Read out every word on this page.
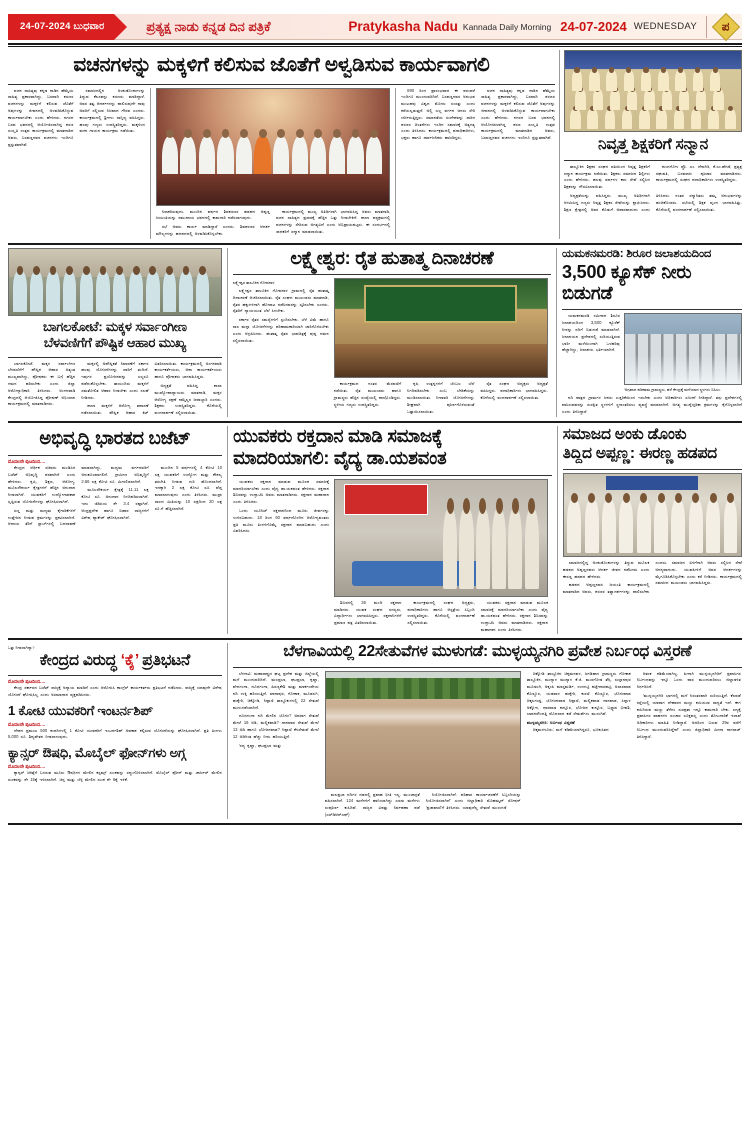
24-07-2024 ಬುಧವಾರ	ಪ್ರತ್ಯಕ್ಷ ನಾಡು ಕನ್ನಡ ದಿನ ಪತ್ರಿಕೆ	Pratykasha Nadu Kannada Daily Morning 24-07-2024 WEDNESDAY ಪ
ವಚನಗಳನ್ನು ಮಕ್ಕಳಿಗೆ ಕಲಿಸುವ ಜೊತೆಗೆ ಅಳ್ವಡಿಸುವ ಕಾರ್ಯವಾಗಲಿ

ವಚನ ಸಾಹಿತ್ಯವು ಕನ್ನಡ ನಾಡಿನ ಹೆಮ್ಮೆಯ ಸಾಹಿತ್ಯ ಪ್ರಕಾರವಾಗಿದ್ದು, ಬಸವಾದಿ ಶರಣರ ವಚನಗಳನ್ನು ಮಕ್ಕಳಿಗೆ ಕಲಿಸುವ ಜೊತೆಗೆ ಅವುಗಳನ್ನು ಜೀವನದಲ್ಲಿ ಅಳವಡಿಸಿಕೊಳ್ಳುವ ಕಾರ್ಯವಾಗಬೇಕು ಎಂದು ಹೇಳಿದರು. ನಗರದ ಬಸವ ಭವನದಲ್ಲಿ ಆಯೋಜಿಸಲಾಗಿದ್ದ ಶರಣ ಸಂಸ್ಕೃತಿ ಉತ್ಸವ ಕಾರ್ಯಕ್ರಮದಲ್ಲಿ ಮಾತನಾಡಿದ ಅವರು, ಬಸವಣ್ಣನವರ ವಚನಗಳು ಇಂದಿಗೂ ಪ್ರಸ್ತುತವಾಗಿವೆ.

ಸಮಾಜದಲ್ಲಿನ ಅಂಕುಡೊಂಕುಗಳನ್ನು ತಿದ್ದುವ ಕೆಲಸವನ್ನು ಶರಣರು ಮಾಡಿದ್ದಾರೆ. ಅವರ ತತ್ವ ಆದರ್ಶಗಳನ್ನು ಪಾಲಿಸುವುದೇ ನಾವು ಅವರಿಗೆ ಸಲ್ಲಿಸುವ ನಿಜವಾದ ಗೌರವ ಎಂದರು. ಕಾರ್ಯಕ್ರಮದಲ್ಲಿ ಶ್ರೀಗಳು ಸಾನ್ನಿಧ್ಯ ವಹಿಸಿದ್ದರು. ಹಲವು ಗಣ್ಯರು ಉಪಸ್ಥಿತರಿದ್ದರು. ಮಕ್ಕಳಿಂದ ವಚನ ಗಾಯನ ಕಾರ್ಯಕ್ರಮ ನಡೆಯಿತು.

ನಿರಾಕರಿಸುವುದು. ಮುಂದಿನ ವರ್ಷದ ಶಿವಶರಣರ ಹಡಪದ ಅಪ್ಪಣ್ಣ ಜಯಂತಿಯನ್ನು ಸಮುದಾಯ ಭವನದಲ್ಲಿ ಕಾಮಗಾರಿ ನಡೆಸಲಾಗುವುದು.

ಸಭೆ ಅವರು ಕಾರ್ಯ ಮಾಡಿದ್ದಾರೆ ಎಂದರು. ಶಿವಶರಣರ ಆದರ್ಶ ಮೌಲ್ಯಗಳನ್ನು ಹದಪದದಲ್ಲಿ ಅಳವಡಿಸಿಕೊಳ್ಳಬೇಕು.

ಕಾರ್ಯಕ್ರಮದಲ್ಲಿ ಮುಖ್ಯ ಅತಿಥಿಗಳಾಗಿ ಭಾಗವಹಿಸಿದ್ದ ಅವರು ಮಾತನಾಡಿ, ವಚನ ಸಾಹಿತ್ಯದ ಪ್ರಸಾರಕ್ಕೆ ಹೆಚ್ಚಿನ ಒತ್ತು ನೀಡಬೇಕಿದೆ. ಶಾಲಾ ಪಠ್ಯಕ್ರಮದಲ್ಲಿ ವಚನಗಳನ್ನು ಸೇರಿಸುವ ಅಗತ್ಯವಿದೆ ಎಂದು ಅಭಿಪ್ರಾಯಪಟ್ಟರು. ಈ ಸಂದರ್ಭದಲ್ಲಿ ಸಾಧಕರಿಗೆ ಸನ್ಮಾನ ಮಾಡಲಾಯಿತು.

890 ರಿಂದ ಪ್ರಾರಂಭವಾದ ಈ ಪರಂಪರೆ ಇಂದಿಗೂ ಮುಂದುವರಿದಿದೆ. ಬಸವಣ್ಣನವರ ಅನುಭವ ಮಂಟಪವು ವಿಶ್ವದ ಮೊದಲ ಸಂಸತ್ತು ಎಂದು ಕರೆಯಲ್ಪಡುತ್ತದೆ. ಅಲ್ಲಿ ಎಲ್ಲ ವರ್ಗದ ಜನರು ಸೇರಿ ಚರ್ಚಿಸುತ್ತಿದ್ದರು. ಸಮಾನತೆಯ ಸಂದೇಶವನ್ನು ಸಾರಿದ ಶರಣರ ಚಿಂತನೆಗಳು ಇಂದಿನ ಸಮಾಜಕ್ಕೆ ಅತ್ಯಗತ್ಯ ಎಂದು ತಿಳಿಸಿದರು. ಕಾರ್ಯಕ್ರಮದಲ್ಲಿ ಪದಾಧಿಕಾರಿಗಳು, ಭಕ್ತರು ಹಾಗೂ ಸಾರ್ವಜನಿಕರು ಹಾಜರಿದ್ದರು.

ವಚನ ಸಾಹಿತ್ಯವು ಕನ್ನಡ ನಾಡಿನ ಹೆಮ್ಮೆಯ ಸಾಹಿತ್ಯ ಪ್ರಕಾರವಾಗಿದ್ದು, ಬಸವಾದಿ ಶರಣರ ವಚನಗಳನ್ನು ಮಕ್ಕಳಿಗೆ ಕಲಿಸುವ ಜೊತೆಗೆ ಅವುಗಳನ್ನು ಜೀವನದಲ್ಲಿ ಅಳವಡಿಸಿಕೊಳ್ಳುವ ಕಾರ್ಯವಾಗಬೇಕು ಎಂದು ಹೇಳಿದರು. ನಗರದ ಬಸವ ಭವನದಲ್ಲಿ ಆಯೋಜಿಸಲಾಗಿದ್ದ ಶರಣ ಸಂಸ್ಕೃತಿ ಉತ್ಸವ ಕಾರ್ಯಕ್ರಮದಲ್ಲಿ ಮಾತನಾಡಿದ ಅವರು, ಬಸವಣ್ಣನವರ ವಚನಗಳು ಇಂದಿಗೂ ಪ್ರಸ್ತುತವಾಗಿವೆ.	ನಿವೃತ್ತ ಶಿಕ್ಷಕರಿಗೆ ಸನ್ಮಾನ

ತಾಲ್ಲೂಕಿನ ಶಿಕ್ಷಕರ ಸಂಘದ ವತಿಯಿಂದ ನಿವೃತ್ತ ಶಿಕ್ಷಕರಿಗೆ ಸನ್ಮಾನ ಕಾರ್ಯಕ್ರಮ ನಡೆಯಿತು. ಶಿಕ್ಷಕರು ಸಮಾಜದ ಶಿಲ್ಪಿಗಳು ಎಂದು ಹೇಳಿದರು. ಹಲವು ವರ್ಷಗಳ ಕಾಲ ಸೇವೆ ಸಲ್ಲಿಸಿದ ಶಿಕ್ಷಕರನ್ನು ಗೌರವಿಸಲಾಯಿತು.

ಕುಂದಗೋಳ ಪ್ರೊ. ಎಂ. ದೇವಗಿರಿ, ಕೆ.ಎಂ.ಹೆಗಡೆ, ಪ್ರತ್ಯಕ್ಷ ರಘುಪತಿ, ಬಸವರಾಜ ಪೂಜಾರ ಮಾತನಾಡಿದರು. ಕಾರ್ಯಕ್ರಮದಲ್ಲಿ ಸಂಘದ ಪದಾಧಿಕಾರಿಗಳು ಉಪಸ್ಥಿತರಿದ್ದರು.

ಅಧ್ಯಕ್ಷತೆಯನ್ನು ವಹಿಸಿದ್ದರು. ಮುಖ್ಯ ಅತಿಥಿಗಳಾಗಿ ಆಗಮಿಸಿದ್ದ ಗಣ್ಯರು ನಿವೃತ್ತ ಶಿಕ್ಷಕರ ಸೇವೆಯನ್ನು ಶ್ಲಾಘಿಸಿದರು. ಶಿಕ್ಷಣ ಕ್ಷೇತ್ರದಲ್ಲಿ ಅವರ ಕೊಡುಗೆ ಅಪಾರವಾದುದು ಎಂದು ತಿಳಿಸಿದರು. ನಂತರ ಸನ್ಮಾನಿತರು ತಮ್ಮ ಅನುಭವಗಳನ್ನು ಹಂಚಿಕೊಂಡರು. ಸಭೆಯಲ್ಲಿ ಶಿಕ್ಷಕ ವೃಂದ ಭಾಗವಹಿಸಿತ್ತು. ಕೊನೆಯಲ್ಲಿ ವಂದನಾರ್ಪಣೆ ಸಲ್ಲಿಸಲಾಯಿತು.

ಬಾಗಲಕೋಟೆ: ಮಕ್ಕಳ ಸರ್ವಾಂಗೀಣ
ಬೆಳವಣಿಗೆಗೆ ಪೌಷ್ಟಿಕ ಆಹಾರ ಮುಖ್ಯ

ಬಾಗಲಕೋಟೆ: ಮಕ್ಕಳ ಸರ್ವಾಂಗೀಣ ಬೆಳವಣಿಗೆಗೆ ಪೌಷ್ಟಿಕ ಆಹಾರ ಅತ್ಯಂತ ಮುಖ್ಯವಾಗಿದ್ದು, ಪೋಷಕರು ಈ ಬಗ್ಗೆ ಹೆಚ್ಚಿನ ಗಮನ ಹರಿಸಬೇಕು ಎಂದು ಜಿಲ್ಲಾ ಆರೋಗ್ಯಾಧಿಕಾರಿ ತಿಳಿಸಿದರು. ಅಂಗನವಾಡಿ ಕೇಂದ್ರದಲ್ಲಿ ಆಯೋಜಿಸಿದ್ದ ಪೋಷಣ್ ಅಭಿಯಾನ ಕಾರ್ಯಕ್ರಮದಲ್ಲಿ ಮಾತನಾಡಿದರು.

ಮಕ್ಕಳಲ್ಲಿ ಅಪೌಷ್ಟಿಕತೆ ನಿವಾರಣೆಗೆ ಸರ್ಕಾರ ಹಲವು ಯೋಜನೆಗಳನ್ನು ಜಾರಿಗೆ ತಂದಿದೆ. ಇವುಗಳ ಪ್ರಯೋಜನವನ್ನು ಎಲ್ಲರೂ ಪಡೆದುಕೊಳ್ಳಬೇಕು. ತಾಯಂದಿರು ಮಕ್ಕಳಿಗೆ ಸಮತೋಲಿತ ಆಹಾರ ನೀಡಬೇಕು ಎಂದು ಸಲಹೆ ನೀಡಿದರು.

ಶಾಲಾ ಮಕ್ಕಳಿಗೆ ಆರೋಗ್ಯ ತಪಾಸಣೆ ನಡೆಸಲಾಯಿತು. ಪೌಷ್ಟಿಕ ಆಹಾರ ಕಿಟ್ ವಿತರಿಸಲಾಯಿತು. ಕಾರ್ಯಕ್ರಮದಲ್ಲಿ ಅಂಗನವಾಡಿ ಕಾರ್ಯಕರ್ತೆಯರು, ಆಶಾ ಕಾರ್ಯಕರ್ತೆಯರು ಹಾಗೂ ಪೋಷಕರು ಭಾಗವಹಿಸಿದ್ದರು.

ಅಧ್ಯಕ್ಷತೆ ವಹಿಸಿದ್ದ ಶಾಲಾ ಮುಖ್ಯೋಪಾಧ್ಯಾಯರು ಮಾತನಾಡಿ, ಮಕ್ಕಳ ಆರೋಗ್ಯ ರಕ್ಷಣೆ ನಮ್ಮೆಲ್ಲರ ಜವಾಬ್ದಾರಿ ಎಂದರು. ಶಿಕ್ಷಕರು ಉಪಸ್ಥಿತರಿದ್ದರು. ಕೊನೆಯಲ್ಲಿ ವಂದನಾರ್ಪಣೆ ಸಲ್ಲಿಸಲಾಯಿತು.

ಲಕ್ಷ್ಮೇಶ್ವರ: ರೈತ ಹುತಾತ್ಮ ದಿನಾಚರಣೆ
ಲಕ್ಷ್ಮೇಶ್ವರ ತಾಲೂಕಿನ ಗೋವನಾಳ

ಲಕ್ಷ್ಮೇಶ್ವರ ತಾಲೂಕಿನ ಗೋವನಾಳ ಗ್ರಾಮದಲ್ಲಿ ರೈತ ಹುತಾತ್ಮ ದಿನಾಚರಣೆ ಆಚರಿಸಲಾಯಿತು. ರೈತ ಸಂಘದ ಮುಖಂಡರು ಮಾತನಾಡಿ, ರೈತರ ಹಕ್ಕುಗಳಿಗಾಗಿ ಹೋರಾಟ ನಡೆಸಿದವರನ್ನು ಸ್ಮರಿಸಬೇಕು ಎಂದರು. ರೈತರಿಗೆ ನ್ಯಾಯಯುತ ಬೆಲೆ ಸಿಗಬೇಕು.

ಸರ್ಕಾರ ರೈತರ ಸಮಸ್ಯೆಗಳಿಗೆ ಸ್ಪಂದಿಸಬೇಕು. ಬೆಳೆ ವಿಮೆ ಹಾಗೂ ಸಾಲ ಮನ್ನಾ ಯೋಜನೆಗಳನ್ನು ಪರಿಣಾಮಕಾರಿಯಾಗಿ ಜಾರಿಗೊಳಿಸಬೇಕು ಎಂದು ಆಗ್ರಹಿಸಿದರು. ಹುತಾತ್ಮ ರೈತರ ಭಾವಚಿತ್ರಕ್ಕೆ ಪುಷ್ಪ ನಮನ ಸಲ್ಲಿಸಲಾಯಿತು.

ಕಾರ್ಯಕ್ರಮದ ನಂತರ ಮೆರವಣಿಗೆ ನಡೆಯಿತು. ರೈತ ಮುಖಂಡರು ಹಾಗೂ ಗ್ರಾಮಸ್ಥರು ಹೆಚ್ಚಿನ ಸಂಖ್ಯೆಯಲ್ಲಿ ಪಾಲ್ಗೊಂಡಿದ್ದರು. ಸ್ಥಳೀಯ ಗಣ್ಯರು ಉಪಸ್ಥಿತರಿದ್ದರು.

ಕೃಷಿ ಉತ್ಪನ್ನಗಳಿಗೆ ಬೆಂಬಲ ಬೆಲೆ ನಿಗದಿಪಡಿಸಬೇಕು ಎಂಬ ಬೇಡಿಕೆಯನ್ನು ಮಂಡಿಸಲಾಯಿತು. ನೀರಾವರಿ ಯೋಜನೆಗಳನ್ನು ಶೀಘ್ರವಾಗಿ ಪೂರ್ಣಗೊಳಿಸುವಂತೆ ಒತ್ತಾಯಿಸಲಾಯಿತು.

ರೈತ ಸಂಘದ ಅಧ್ಯಕ್ಷರು ಅಧ್ಯಕ್ಷತೆ ವಹಿಸಿದ್ದರು. ಪದಾಧಿಕಾರಿಗಳು ಭಾಗವಹಿಸಿದ್ದರು. ಕೊನೆಯಲ್ಲಿ ವಂದನಾರ್ಪಣೆ ಸಲ್ಲಿಸಲಾಯಿತು.

ಯಮಕನಮರಡಿ: ಶಿರೂರ ಜಲಾಶಯದಿಂದ
3,500 ಕ್ಯೂಸೆಕ್ ನೀರು ಬಿಡುಗಡೆ

ಯಮಕನಮರಡಿ ಸಮೀಪದ ಶಿರೂರ ಜಲಾಶಯದಿಂದ 3,500 ಕ್ಯೂಸೆಕ್ ನೀರನ್ನು ನದಿಗೆ ಬಿಡುಗಡೆ ಮಾಡಲಾಗಿದೆ. ಜಲಾನಯನ ಪ್ರದೇಶದಲ್ಲಿ ಸುರಿಯುತ್ತಿರುವ ಭಾರೀ ಮಳೆಯಿಂದಾಗಿ ಒಳಹರಿವು ಹೆಚ್ಚಾಗಿದ್ದು, ಜಲಾಶಯ ಭರ್ತಿಯಾಗಿದೆ.

'ಅಗ್ಗವಾದ ಪರಿಣಾಮ ಗ್ರಾಮಸ್ಥರು, ಹಳೆ ಕೇಂದ್ರಕ್ಕೆ ಮಳೆಯಾದ ಸ್ಥಳಗಳು ಬಿಸಿಲು.

ನದಿ ಪಾತ್ರದ ಗ್ರಾಮಗಳ ಜನರು ಎಚ್ಚರಿಕೆಯಿಂದ ಇರಬೇಕು ಎಂದು ಅಧಿಕಾರಿಗಳು ಸೂಚನೆ ನೀಡಿದ್ದಾರೆ. ತಗ್ಗು ಪ್ರದೇಶಗಳಲ್ಲಿ ವಾಸಿಸುವವರನ್ನು ಸುರಕ್ಷಿತ ಸ್ಥಳಗಳಿಗೆ ಸ್ಥಳಾಂತರಿಸಲು ವ್ಯವಸ್ಥೆ ಮಾಡಲಾಗಿದೆ. ಅಗತ್ಯ ಮುನ್ನೆಚ್ಚರಿಕಾ ಕ್ರಮಗಳನ್ನು ಕೈಗೊಳ್ಳಲಾಗಿದೆ ಎಂದು ತಿಳಿಸಿದ್ದಾರೆ.

ಅಭಿವೃದ್ಧಿ ಭಾರತದ ಬಜೆಟ್
ಮೊದಲನೇ ಪುಟದಿಂದ....

ಕೇಂದ್ರದ ಆರ್ಥಿಕ ಸಚಿವರು ಮಂಡಿಸಿದ ಬಜೆಟ್ ಅಭಿವೃದ್ಧಿ ಪರವಾಗಿದೆ ಎಂದು ಹೇಳಿದರು. ಕೃಷಿ, ಶಿಕ್ಷಣ, ಆರೋಗ್ಯ, ಮೂಲಸೌಕರ್ಯ ಕ್ಷೇತ್ರಗಳಿಗೆ ಹೆಚ್ಚಿನ ಅನುದಾನ ನೀಡಲಾಗಿದೆ. ಯುವಕರಿಗೆ ಉದ್ಯೋಗಾವಕಾಶ ಸೃಷ್ಟಿಸುವ ಯೋಜನೆಗಳನ್ನು ಘೋಷಿಸಲಾಗಿದೆ.

ಸಣ್ಣ ಮತ್ತು ಮಧ್ಯಮ ಕೈಗಾರಿಕೆಗಳಿಗೆ ಉತ್ತೇಜನ ನೀಡುವ ಕ್ರಮಗಳನ್ನು ಪ್ರಕಟಿಸಲಾಗಿದೆ. ಆದಾಯ ತೆರಿಗೆ ಸ್ಲಾಬ್‌ಗಳಲ್ಲಿ ಬದಲಾವಣೆ ಮಾಡಲಾಗಿದ್ದು, ಮಧ್ಯಮ ವರ್ಗದವರಿಗೆ ಅನುಕೂಲವಾಗಲಿದೆ. ಗ್ರಾಮೀಣ ಅಭಿವೃದ್ಧಿಗೆ 2.66 ಲಕ್ಷ ಕೋಟಿ ರೂ. ಮೀಸಲಿಡಲಾಗಿದೆ.

ಮೂಲಸೌಕರ್ಯ ಕ್ಷೇತ್ರಕ್ಕೆ 11.11 ಲಕ್ಷ ಕೋಟಿ ರೂ. ಅನುದಾನ ನಿಗದಿಪಡಿಸಲಾಗಿದೆ. ಇದು ಜಿಡಿಪಿಯ ಶೇ 3.4 ರಷ್ಟಾಗಿದೆ. ಆಂಧ್ರಪ್ರದೇಶ ಹಾಗೂ ಬಿಹಾರ ರಾಜ್ಯಗಳಿಗೆ ವಿಶೇಷ ಪ್ಯಾಕೇಜ್ ಘೋಷಿಸಲಾಗಿದೆ.

ಮುಂದಿನ 5 ವರ್ಷಗಳಲ್ಲಿ 4 ಕೋಟಿ 10 ಲಕ್ಷ ಯುವಕರಿಗೆ ಉದ್ಯೋಗ ಮತ್ತು ಕೌಶಲ್ಯ ತರಬೇತಿ ನೀಡುವ ಗುರಿ ಹೊಂದಲಾಗಿದೆ. ಇದಕ್ಕಾಗಿ 2 ಲಕ್ಷ ಕೋಟಿ ರೂ. ವೆಚ್ಚ ಮಾಡಲಾಗುವುದು ಎಂದು ತಿಳಿಸಿದರು. ಮುದ್ರಾ ಸಾಲದ ಮಿತಿಯನ್ನು 10 ಲಕ್ಷದಿಂದ 20 ಲಕ್ಷ ರೂ.ಗೆ ಹೆಚ್ಚಿಸಲಾಗಿದೆ.

ಯುವಕರು ರಕ್ತದಾನ ಮಾಡಿ ಸಮಾಜಕ್ಕೆ
ಮಾದರಿಯಾಗಲಿ: ವೈದ್ಯ ಡಾ.ಯಶವಂತ

ಯುವಕರು ರಕ್ತದಾನ ಮಾಡುವ ಮೂಲಕ ಸಮಾಜಕ್ಕೆ ಮಾದರಿಯಾಗಬೇಕು ಎಂದು ವೈದ್ಯ ಡಾ.ಯಶವಂತ ಹೇಳಿದರು. ರಕ್ತದಾನ ಶಿಬಿರವನ್ನು ಉದ್ಘಾಟಿಸಿ ಅವರು ಮಾತನಾಡಿದರು. ರಕ್ತದಾನ ಮಹಾದಾನ ಎಂದು ತಿಳಿಸಿದರು.

ಒಂದು ಯೂನಿಟ್ ರಕ್ತದಾನದಿಂದ ಮೂರು ಜೀವಗಳನ್ನು ಉಳಿಸಬಹುದು. 18 ರಿಂದ 60 ವರ್ಷದೊಳಗಿನ ಆರೋಗ್ಯವಂತರು ಪ್ರತಿ ಮೂರು ತಿಂಗಳಿಗೊಮ್ಮೆ ರಕ್ತದಾನ ಮಾಡಬಹುದು ಎಂದು ವಿವರಿಸಿದರು.

ಶಿಬಿರದಲ್ಲಿ 36 ಮಂದಿ ರಕ್ತದಾನ ಮಾಡಿದರು. ಯುವಕ ಸಂಘದ ಸದಸ್ಯರು, ವಿದ್ಯಾರ್ಥಿಗಳು ಭಾಗವಹಿಸಿದ್ದರು. ರಕ್ತದಾನಿಗಳಿಗೆ ಪ್ರಮಾಣ ಪತ್ರ ವಿತರಿಸಲಾಯಿತು.

ಕಾರ್ಯಕ್ರಮದಲ್ಲಿ ಸಂಘದ ಅಧ್ಯಕ್ಷರು, ಪದಾಧಿಕಾರಿಗಳು ಹಾಗೂ ಆಸ್ಪತ್ರೆಯ ಸಿಬ್ಬಂದಿ ಉಪಸ್ಥಿತರಿದ್ದರು. ಕೊನೆಯಲ್ಲಿ ವಂದನಾರ್ಪಣೆ ಸಲ್ಲಿಸಲಾಯಿತು.

ಯುವಕರು ರಕ್ತದಾನ ಮಾಡುವ ಮೂಲಕ ಸಮಾಜಕ್ಕೆ ಮಾದರಿಯಾಗಬೇಕು ಎಂದು ವೈದ್ಯ ಡಾ.ಯಶವಂತ ಹೇಳಿದರು. ರಕ್ತದಾನ ಶಿಬಿರವನ್ನು ಉದ್ಘಾಟಿಸಿ ಅವರು ಮಾತನಾಡಿದರು. ರಕ್ತದಾನ ಮಹಾದಾನ ಎಂದು ತಿಳಿಸಿದರು.

ಸಮಾಜದ ಅಂಕು ಡೊಂಕು
ತಿದ್ದಿದ ಅಪ್ಪಣ್ಣ: ಈರಣ್ಣ ಹಡಪದ

ಸಮಾಜದಲ್ಲಿದ್ದ ಅಂಕುಡೊಂಕುಗಳನ್ನು ತಿದ್ದುವ ಮೂಲಕ ಹಡಪದ ಅಪ್ಪಣ್ಣನವರು ಆದರ್ಶ ಜೀವನ ನಡೆಸಿದರು ಎಂದು ಈರಣ್ಣ ಹಡಪದ ಹೇಳಿದರು.

ಹಡಪದ ಅಪ್ಪಣ್ಣನವರ ಜಯಂತಿ ಕಾರ್ಯಕ್ರಮದಲ್ಲಿ ಮಾತನಾಡಿದ ಅವರು, ಶರಣರ ತತ್ವಾದರ್ಶಗಳನ್ನು ಪಾಲಿಸಬೇಕು ಎಂದರು. ಸಮಾಜದ ಏಳಿಗೆಗಾಗಿ ಅವರು ಸಲ್ಲಿಸಿದ ಸೇವೆ ಅನನ್ಯವಾದುದು. ಯುವಪೀಳಿಗೆ ಅವರ ಆದರ್ಶಗಳನ್ನು ಮೈಗೂಡಿಸಿಕೊಳ್ಳಬೇಕು ಎಂದು ಕರೆ ನೀಡಿದರು. ಕಾರ್ಯಕ್ರಮದಲ್ಲಿ ಸಮಾಜದ ಮುಖಂಡರು ಭಾಗವಹಿಸಿದ್ದರು.

ಒತ್ತು ನೀಡಲಾಗಿದ್ಯಾ?
ಕೇಂದ್ರದ ವಿರುದ್ಧ ‘ಕೈ’ ಪ್ರತಿಭಟನೆ
ಮೊದಲನೇ ಪುಟದಿಂದ....

ಕೇಂದ್ರ ಸರ್ಕಾರದ ಬಜೆಟ್ ರಾಜ್ಯಕ್ಕೆ ಅನ್ಯಾಯ ಮಾಡಿದೆ ಎಂದು ಆರೋಪಿಸಿ ಕಾಂಗ್ರೆಸ್ ಕಾರ್ಯಕರ್ತರು ಪ್ರತಿಭಟನೆ ನಡೆಸಿದರು. ರಾಜ್ಯಕ್ಕೆ ಯಾವುದೇ ವಿಶೇಷ ಯೋಜನೆ ಘೋಷಿಸಿಲ್ಲ ಎಂದು ಅಸಮಾಧಾನ ವ್ಯಕ್ತಪಡಿಸಿದರು.

1 ಕೋಟಿ ಯುವಕರಿಗೆ ಇಂಟರ್ನಶಿಪ್
ಮೊದಲನೇ ಪುಟದಿಂದ....

ದೇಶದ ಪ್ರಮುಖ 500 ಕಂಪನಿಗಳಲ್ಲಿ 1 ಕೋಟಿ ಯುವಕರಿಗೆ ಇಂಟರ್ನಶಿಪ್ ಅವಕಾಶ ಕಲ್ಪಿಸುವ ಯೋಜನೆಯನ್ನು ಘೋಷಿಸಲಾಗಿದೆ. ಪ್ರತಿ ತಿಂಗಳು 5,000 ರೂ. ಶಿಷ್ಯವೇತನ ನೀಡಲಾಗುವುದು.

ಕ್ಯಾನ್ಸರ್ ಔಷಧಿ, ಮೊಬೈಲ್ ಫೋನ್‌ಗಳು ಅಗ್ಗ
ಮೊದಲನೇ ಪುಟದಿಂದ....

ಕ್ಯಾನ್ಸರ್ ಚಿಕಿತ್ಸೆಗೆ ಬಳಸುವ ಮೂರು ಔಷಧಿಗಳ ಮೇಲಿನ ಕಸ್ಟಮ್ಸ್ ಸುಂಕವನ್ನು ರದ್ದುಗೊಳಿಸಲಾಗಿದೆ. ಮೊಬೈಲ್ ಫೋನ್ ಮತ್ತು ಚಾರ್ಜರ್ ಮೇಲಿನ ಸುಂಕವನ್ನು ಶೇ 15ಕ್ಕೆ ಇಳಿಸಲಾಗಿದೆ. ಚಿನ್ನ ಮತ್ತು ಬೆಳ್ಳಿ ಮೇಲಿನ ಸುಂಕ ಶೇ 6ಕ್ಕೆ ಇಳಿಕೆ.

ಬೆಳಗಾವಿಯಲ್ಲಿ 22ಸೇತುವೆಗಳ ಮುಳುಗಡೆ: ಮುಳ್ಳಯ್ಯನಗಿರಿ ಪ್ರವೇಶ ನಿರ್ಬಂಧ ವಿಸ್ತರಣೆ

ಬೆಳಗಾವಿ: ಮಹಾರಾಷ್ಟ್ರದ ಘಟ್ಟ ಪ್ರದೇಶ ಮತ್ತು ಜಿಲ್ಲೆಯಲ್ಲಿ ಮಳೆ ಮುಂದುವರಿದಿದೆ. ಮಲಪ್ರಭಾ, ಘಟಪ್ರಭಾ, ಕೃಷ್ಣಾ, ವೇದಗಂಗಾ, ದೂಧಗಂಗಾ, ಹಿರಣ್ಯಕೇಶಿ ಮತ್ತು ಮಾರ್ಕಂಡೇಯ ನದಿ ಉಕ್ಕಿ ಹರಿಯುತ್ತಿದೆ. ಖಾನಾಪುರ, ಗೋಕಾಕ, ಮೂಡಲಗಿ, ಹುಕ್ಕೇರಿ, ಚಿಕ್ಕೋಡಿ, ನಿಪ್ಪಾಣಿ ತಾಲ್ಲೂಕುಗಳಲ್ಲಿ 22 ಸೇತುವೆ ಮುಳುಗಡೆಯಾಗಿದೆ.

ದೂಧಗಂಗಾ ನದಿ ಮೇಲಿನ ಭೋಜ? ಅವರಾಗ ಸೇತುವೆ ಮೇಲೆ 16 ಅಡಿ, ಮಲ್ಲಿಕವಾಡಿ? ದಾನವಾಡ ಸೇತುವೆ ಮೇಲೆ 13 ಅಡಿ ಹಾಗೂ ಭೋಜನವಾಡ? ನಿಪ್ಪಾಣಿ ಕೆಳಸೇತುವೆ ಮೇಲೆ 12 ಅಡಿಗಿಂತ ಹೆಚ್ಚು ನೀರು ಹರಿಯುತ್ತಿದೆ.

'ಸದ್ಯ ಕೃಷ್ಣಾ, ಘಟಪ್ರಭಾ ಮತ್ತು

ಮಲಪ್ರಭಾ ನದಿಗಳ ದಡದಲ್ಲಿ ಪ್ರವಾಹ ಭೀತಿ ಇಲ್ಲ. ಮುಂಜಾಗ್ರತೆ ವಹಿಸಲಾಗಿದೆ. 124 ಮನೆಗಳಿಗೆ ಹಾನಿಯಾಗಿದ್ದು ಎರಡು ಮನೆಗಳು ಸಂಪೂರ್ಣ ಕುಸಿದಿವೆ. ರಾಜ್ಯದ ವಿಪತ್ತು ನಿರ್ವಹಣಾ ಪಡೆ (ಎಸ್‌ಡಿಆರ್‌ಎಫ್)

ನಿಯೋಜಿಸಲಾಗಿದೆ. ಪರಿಹಾರ ಕಾರ್ಯಾಚರಣೆಗೆ ಸಿಬ್ಬಂದಿಯನ್ನು ನಿಯೋಜಿಸಲಾಗಿದೆ' ಎಂದು ಜಿಲ್ಲಾಧಿಕಾರಿ ಮೊಹಮ್ಮದ್ ರೋಷನ್ 'ಪ್ರಜಾವಾಣಿ'ಗೆ ತಿಳಿಸಿದರು. ಯಾವುದೆಲ್ಲ ಸೇತುವೆ ಮುಳುಗಡೆ

ಚಿಕ್ಕೋಡಿ ತಾಲ್ಲೂಕಿನ ಚಿಕ್ಕಮನವಳ, ಜಗಡಿಹಾಳ ಗ್ರಾಮಸ್ಥರು ಗೋಕಾಕ ತಾಲ್ಲೂಕಿನ, ಮುನ್ಯಾಳ ಮುನ್ಯಾಳ ಕೆ.ಜಿ. ಮುರಗೋಡ ತೆಗ್ಗಿ, ಸುಲ್ತಾನಪುರ ಮೂಡಲಗಿ, ಅಕ್ಕಂಪಿ ಮಾಸ್ತಮರ್ಡಿ, ಉದಗಟ್ಟಿ ಪಟ್ಟೇದಾರಹಟ್ಟಿ, ಅಲಾರವಾಡ ಕೊಣ್ಣೂರ, ಯಡವಾಳ ಹುಕ್ಕೇರಿ, ಕುರಣಿ ಕೊಣ್ಣೂರ, ಭೋಜವಾಡ ಚಿಕ್ಕಲಗುಡ್ಡ, ಭೋಜನವಾಡ ನಿಪ್ಪಾಣಿ, ಮಲ್ಲಿಕವಾಡ ದಾನವಾಡ, ಸಿದ್ನಾಳ ಅಕ್ಕೋಳ, ಧಾರವಾಡ ಕುನ್ನೂರ, ಭೋಜನ ಕುನ್ನೂರ, ಬಸ್ತ್ವಾಡ ಭೀವಶಿ, ಬಾವನಸೌಂದತ್ತಿ ಮೊದಲಾದ ಕಡೆ ಸೇತುವೆಗಳು ಮುಳುಗಿವೆ.

ಮುಳ್ಳಯ್ಯನಗಿರಿ: ನಿರ್ಬಂಧ ವಿಸ್ತರಣೆ

ಚಿಕ್ಕಮಗಳೂರು: ಮಳೆ ಕಡಿಮೆಯಾಗಿದ್ದರೂ, ಭೂಕುಸಿತದ

ಆತಂಕ ಕಡಿಮೆಯಾಗಿಲ್ಲ. ಹೀಗಾಗಿ ಮುಳ್ಳಯ್ಯನಗಿರಿಗೆ ಪ್ರವಾಸಿಗರ ನಿರ್ಬಂಧವನ್ನು ಇನ್ನೂ ಒಂದು ವಾರ ಮುಂದುವರಿಸಲು ಜಿಲ್ಲಾಡಳಿತ ನಿರ್ಧರಿಸಿದೆ.

'ಮುಳ್ಳಯ್ಯನಗಿರಿ ಭಾಗದಲ್ಲಿ ಮಳೆ ನಿರಂತರವಾಗಿ ಸುರಿಯುತ್ತಿದೆ. ಕೆಲವಡೆ ರಸ್ತೆಯಲ್ಲಿ ಯಾವಾಗ ದೇಹಾರದ ಮಣ್ಣು ಕುಸಿಯುವ ಸಾಧ್ಯತೆ ಇದೆ. ಈಗ ಕುಸಿದಿರುವ ಮಣ್ಣು ತೆಗೆದು ಸುರಕ್ಷತಾ ಇನ್ನೂ ಕಾಮಗಾರಿ ಬೇಕು. ಸದ್ಯಕ್ಕೆ ಪ್ರವಾಸಿಗರ ವಾಹನಗಳ ಸಂಚಾರ ಸೂಕ್ತವಲ್ಲ ಎಂದು ತೋಟಗಾರಿಕೆ ಇಲಾಖೆ ಅಧಿಕಾರಿಗಳು ಮಾಹಿತಿ ನೀಡಿದ್ದಾರೆ. ಅದರಿಂದ ಬರುವ 29ರ ವರೆಗೆ ನಿರ್ಬಂಧ ಮುಂದುವರಿಸಿದ್ದೇವೆ' ಎಂದು ಜಿಲ್ಲಾಧಿಕಾರಿ ಮೀನಾ ನಾಗರಾಜ್ ತಿಳಿಸಿದ್ದಾರೆ.
